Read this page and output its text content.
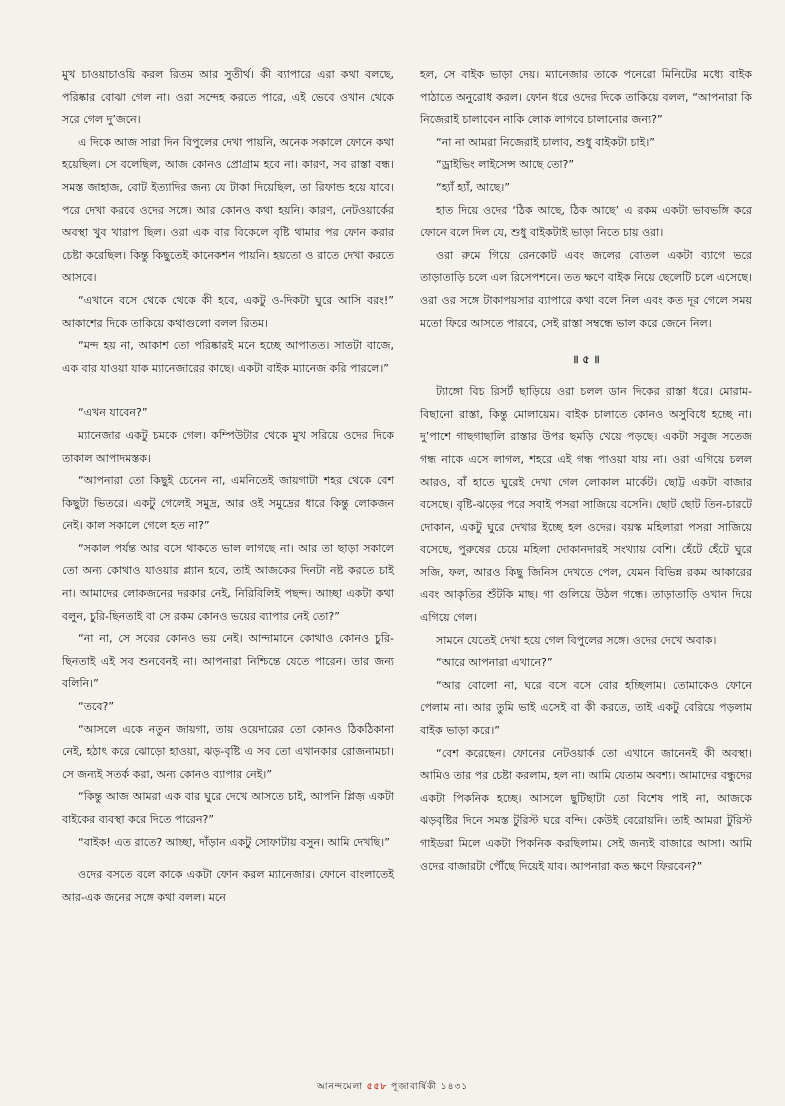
মুখ চাওয়াচাওয়ি করল রিতম আর সুতীর্থ। কী ব্যাপারে এরা কথা বলছে, পরিষ্কার বোঝা গেল না। ওরা সন্দেহ করতে পারে, এই ভেবে ওখান থেকে সরে গেল দু’জনে।

এ দিকে আজ সারা দিন বিপুলের দেখা পায়নি, অনেক সকালে ফোনে কথা হয়েছিল। সে বলেছিল, আজ কোনও প্রোগ্রাম হবে না। কারণ, সব রাস্তা বন্ধ। সমস্ত জাহাজ, বোট ইত্যাদির জন্য যে টাকা দিয়েছিল, তা রিফান্ড হয়ে যাবে। পরে দেখা করবে ওদের সঙ্গে। আর কোনও কথা হয়নি। কারণ, নেটওয়ার্কের অবস্থা খুব খারাপ ছিল। ওরা এক বার বিকেলে বৃষ্টি থামার পর ফোন করার চেষ্টা করেছিল। কিন্তু কিছুতেই কানেকশন পায়নি। হয়তো ও রাতে দেখা করতে আসবে।

“এখানে বসে থেকে থেকে কী হবে, একটু ও-দিকটা ঘুরে আসি বরং!” আকাশের দিকে তাকিয়ে কথাগুলো বলল রিতম।

“মন্দ হয় না, আকাশ তো পরিষ্কারই মনে হচ্ছে আপাতত। সাতটা বাজে, এক বার যাওয়া যাক ম্যানেজারের কাছে। একটা বাইক ম্যানেজ করি পারলে।”

“এখন যাবেন?”

ম্যানেজার একটু চমকে গেল। কম্পিউটার থেকে মুখ সরিয়ে ওদের দিকে তাকাল আপাদমস্তক।

“আপনারা তো কিছুই চেনেন না, এমনিতেই জায়গাটা শহর থেকে বেশ কিছুটা ভিতরে। একটু গেলেই সমুদ্র, আর ওই সমুদ্রের ধারে কিন্তু লোকজন নেই। কাল সকালে গেলে হত না?”

“সকাল পর্যন্ত আর বসে থাকতে ভাল লাগছে না। আর তা ছাড়া সকালে তো অন্য কোথাও যাওয়ার প্ল্যান হবে, তাই আজকের দিনটা নষ্ট করতে চাই না। আমাদের লোকজনের দরকার নেই, নিরিবিলিই পছন্দ। আচ্ছা একটা কথা বলুন, চুরি-ছিনতাই বা সে রকম কোনও ভয়ের ব্যাপার নেই তো?”

“না না, সে সবের কোনও ভয় নেই। আন্দামানে কোথাও কোনও চুরি-ছিনতাই এই সব শুনবেনই না। আপনারা নিশ্চিন্তে যেতে পারেন। তার জন্য বলিনি।”

“তবে?”

“আসলে একে নতুন জায়গা, তায় ওয়েদারের তো কোনও ঠিকঠিকানা নেই, হঠাৎ করে ঝোড়ো হাওয়া, ঝড়-বৃষ্টি এ সব তো এখানকার রোজনামচা। সে জন্যই সতর্ক করা, অন্য কোনও ব্যাপার নেই।”

“কিন্তু আজ আমরা এক বার ঘুরে দেখে আসতে চাই, আপনি প্লিজ় একটা বাইকের ব্যবস্থা করে দিতে পারেন?”

“বাইক! এত রাতে? আচ্ছা, দাঁড়ান একটু সোফাটায় বসুন। আমি দেখছি।”

ওদের বসতে বলে কাকে একটা ফোন করল ম্যানেজার। ফোনে বাংলাতেই আর-এক জনের সঙ্গে কথা বলল। মনে

হল, সে বাইক ভাড়া দেয়। ম্যানেজার তাকে পনেরো মিনিটের মধ্যে বাইক পাঠাতে অনুরোধ করল। ফোন ধরে ওদের দিকে তাকিয়ে বলল, “আপনারা কি নিজেরাই চালাবেন নাকি লোক লাগবে চালানোর জন্য?”

“না না আমরা নিজেরাই চালাব, শুধু বাইকটা চাই।”

“ড্রাইভিং লাইসেন্স আছে তো?”

“হ্যাঁ হ্যাঁ, আছে।”

হাত দিয়ে ওদের ‘ঠিক আছে, ঠিক আছে’ এ রকম একটা ভাবভঙ্গি করে ফোনে বলে দিল যে, শুধু বাইকটাই ভাড়া নিতে চায় ওরা।

ওরা রুমে গিয়ে রেনকোট এবং জলের বোতল একটা ব্যাগে ভরে তাড়াতাড়ি চলে এল রিসেপশনে। তত ক্ষণে বাইক নিয়ে ছেলেটি চলে এসেছে। ওরা ওর সঙ্গে টাকাপয়সার ব্যাপারে কথা বলে নিল এবং কত দূর গেলে সময় মতো ফিরে আসতে পারবে, সেই রাস্তা সম্বন্ধে ভাল করে জেনে নিল।

॥ ৫ ॥

ট্যাঙ্গো বিচ রিসর্ট ছাড়িয়ে ওরা চলল ডান দিকের রাস্তা ধরে। মোরাম-বিছানো রাস্তা, কিন্তু মোলায়েম। বাইক চালাতে কোনও অসুবিধে হচ্ছে না। দু’পাশে গাছগাছালি রাস্তার উপর ছমড়ি খেয়ে পড়ছে। একটা সবুজ সতেজ গন্ধ নাকে এসে লাগল, শহরে এই গন্ধ পাওয়া যায় না। ওরা এগিয়ে চলল আরও, বাঁ হাতে ঘুরেই দেখা গেল লোকাল মার্কেট। ছোট্ট একটা বাজার বসেছে। বৃষ্টি-ঝড়ের পরে সবাই পসরা সাজিয়ে বসেনি। ছোট ছোট তিন-চারটে দোকান, একটু ঘুরে দেখার ইচ্ছে হল ওদের। বয়স্ক মহিলারা পসরা সাজিয়ে বসেছে, পুরুষের চেয়ে মহিলা দোকানদারই সংখ্যায় বেশি। হেঁটে হেঁটে ঘুরে সজি, ফল, আরও কিছু জিনিস দেখতে পেল, যেমন বিভিন্ন রকম আকারের এবং আকৃতির শুঁটকি মাছ। গা গুলিয়ে উঠল গন্ধে। তাড়াতাড়ি ওখান দিয়ে এগিয়ে গেল।

সামনে যেতেই দেখা হয়ে গেল বিপুলের সঙ্গে। ওদের দেখে অবাক।

“আরে আপনারা এখানে?”

“আর বোলো না, ঘরে বসে বসে বোর হচ্ছিলাম। তোমাকেও ফোনে পেলাম না। আর তুমি ভাই এসেই বা কী করতে, তাই একটু বেরিয়ে পড়লাম বাইক ভাড়া করে।”

“বেশ করেছেন। ফোনের নেটওয়ার্ক তো এখানে জানেনই কী অবস্থা। আমিও তার পর চেষ্টা করলাম, হল না। আমি যেতাম অবশ্য। আমাদের বন্ধুদের একটা পিকনিক হচ্ছে। আসলে ছুটিছাটা তো বিশেষ পাই না, আজকে ঝড়বৃষ্টির দিনে সমস্ত টুরিস্ট ঘরে বন্দি। কেউই বেরোয়নি। তাই আমরা টুরিস্ট গাইডরা মিলে একটা পিকনিক করছিলাম। সেই জন্যই বাজারে আসা। আমি ওদের বাজারটা পৌঁছে দিয়েই যাব। আপনারা কত ক্ষণে ফিরবেন?”

আনন্দমেলা ৫৫৮ পূজাবার্ষিকী ১৪৩১
